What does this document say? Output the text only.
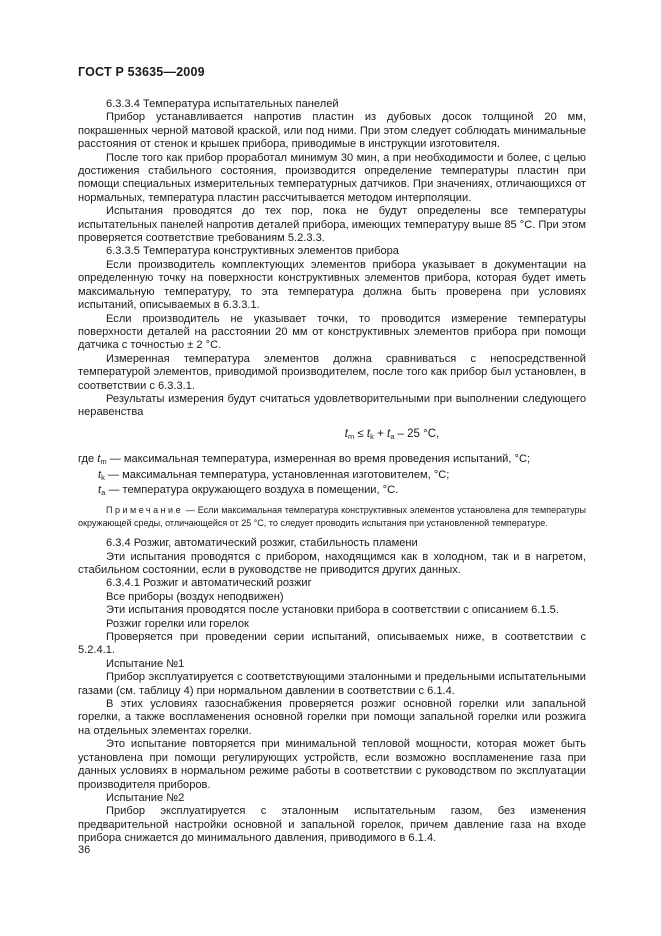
ГОСТ Р 53635—2009

6.3.3.4 Температура испытательных панелей

Прибор устанавливается напротив пластин из дубовых досок толщиной 20 мм, покрашенных черной матовой краской, или под ними. При этом следует соблюдать минимальные расстояния от стенок и крышек прибора, приводимые в инструкции изготовителя.

После того как прибор проработал минимум 30 мин, а при необходимости и более, с целью достижения стабильного состояния, производится определение температуры пластин при помощи специальных измерительных температурных датчиков. При значениях, отличающихся от нормальных, температура пластин рассчитывается методом интерполяции.

Испытания проводятся до тех пор, пока не будут определены все температуры испытательных панелей напротив деталей прибора, имеющих температуру выше 85 °С. При этом проверяется соответствие требованиям 5.2.3.3.

6.3.3.5 Температура конструктивных элементов прибора

Если производитель комплектующих элементов прибора указывает в документации на определенную точку на поверхности конструктивных элементов прибора, которая будет иметь максимальную температуру, то эта температура должна быть проверена при условиях испытаний, описываемых в 6.3.3.1.

Если производитель не указывает точки, то проводится измерение температуры поверхности деталей на расстоянии 20 мм от конструктивных элементов прибора при помощи датчика с точностью ± 2 °С.

Измеренная температура элементов должна сравниваться с непосредственной температурой элементов, приводимой производителем, после того как прибор был установлен, в соответствии с 6.3.3.1.

Результаты измерения будут считаться удовлетворительными при выполнении следующего неравенства

$t_m \le t_k + t_a - 25$ °С,
где $t_m$ — максимальная температура, измеренная во время проведения испытаний, °С;
$t_k$ — максимальная температура, установленная изготовителем, °С;
$t_a$ — температура окружающего воздуха в помещении, °С.

Примечание — Если максимальная температура конструктивных элементов установлена для температуры окружающей среды, отличающейся от 25 °С, то следует проводить испытания при установленной температуре.

6.3.4 Розжиг, автоматический розжиг, стабильность пламени

Эти испытания проводятся с прибором, находящимся как в холодном, так и в нагретом, стабильном состоянии, если в руководстве не приводится других данных.

6.3.4.1 Розжиг и автоматический розжиг

Все приборы (воздух неподвижен)

Эти испытания проводятся после установки прибора в соответствии с описанием 6.1.5.

Розжиг горелки или горелок

Проверяется при проведении серии испытаний, описываемых ниже, в соответствии с 5.2.4.1.

Испытание №1

Прибор эксплуатируется с соответствующими эталонными и предельными испытательными газами (см. таблицу 4) при нормальном давлении в соответствии с 6.1.4.

В этих условиях газоснабжения проверяется розжиг основной горелки или запальной горелки, а также воспламенения основной горелки при помощи запальной горелки или розжига на отдельных элементах горелки.

Это испытание повторяется при минимальной тепловой мощности, которая может быть установлена при помощи регулирующих устройств, если возможно воспламенение газа при данных условиях в нормальном режиме работы в соответствии с руководством по эксплуатации производителя приборов.

Испытание №2

Прибор эксплуатируется с эталонным испытательным газом, без изменения предварительной настройки основной и запальной горелок, причем давление газа на входе прибора снижается до минимального давления, приводимого в 6.1.4.

36
